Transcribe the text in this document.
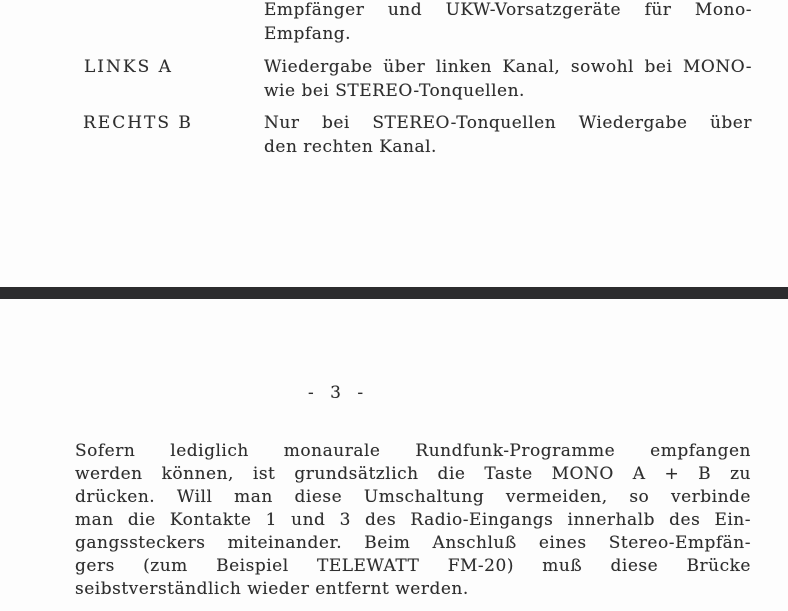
Empfänger und UKW-Vorsatzgeräte für Mono-
Empfang.
LINKS A	Wiedergabe über linken Kanal, sowohl bei MONO-
wie bei STEREO-Tonquellen.
RECHTS B	Nur bei STEREO-Tonquellen Wiedergabe über
den rechten Kanal.
- 3 -
Sofern lediglich monaurale Rundfunk-Programme empfangen
werden können, ist grundsätzlich die Taste MONO A + B zu
drücken. Will man diese Umschaltung vermeiden, so verbinde
man die Kontakte 1 und 3 des Radio-Eingangs innerhalb des Ein-
gangssteckers miteinander. Beim Anschluß eines Stereo-Empfän-
gers (zum Beispiel TELEWATT FM-20) muß diese Brücke
seibstverständlich wieder entfernt werden.
